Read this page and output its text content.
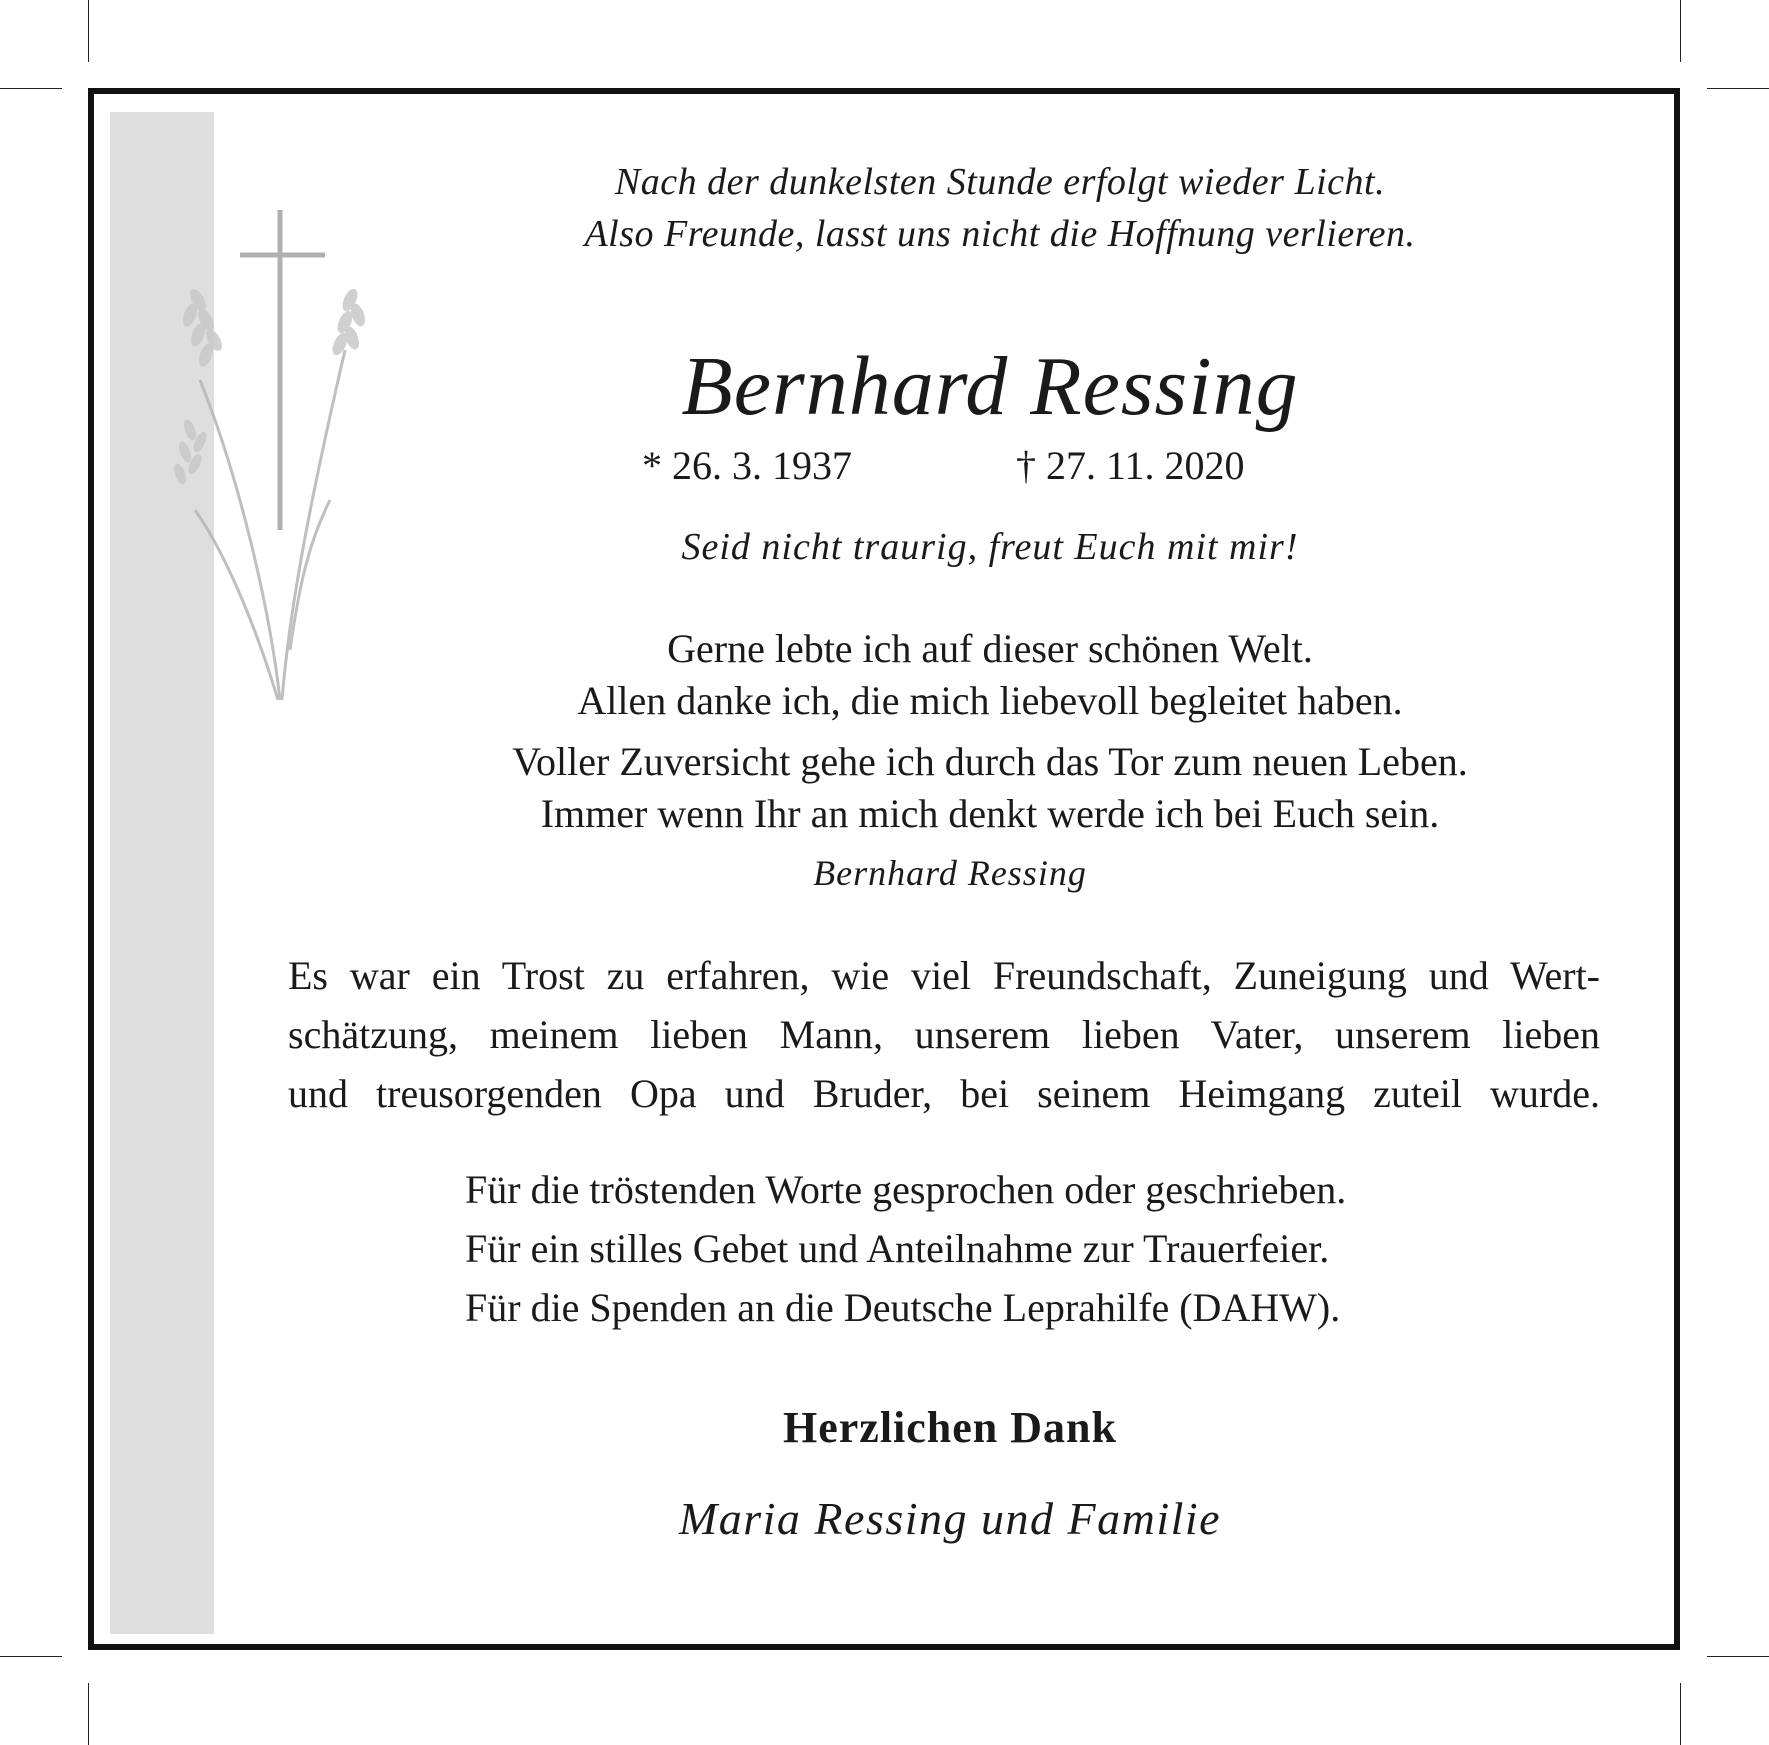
Nach der dunkelsten Stunde erfolgt wieder Licht.
Also Freunde, lasst uns nicht die Hoffnung verlieren.
Bernhard Ressing
* 26. 3. 1937	† 27. 11. 2020
Seid nicht traurig, freut Euch mit mir!
Gerne lebte ich auf dieser schönen Welt.
Allen danke ich, die mich liebevoll begleitet haben.
Voller Zuversicht gehe ich durch das Tor zum neuen Leben.
Immer wenn Ihr an mich denkt werde ich bei Euch sein.
Bernhard Ressing
Es war ein Trost zu erfahren, wie viel Freundschaft, Zuneigung und Wert-
schätzung, meinem lieben Mann, unserem lieben Vater, unserem lieben
und treusorgenden Opa und Bruder, bei seinem Heimgang zuteil wurde.
Für die tröstenden Worte gesprochen oder geschrieben.
Für ein stilles Gebet und Anteilnahme zur Trauerfeier.
Für die Spenden an die Deutsche Leprahilfe (DAHW).
Herzlichen Dank
Maria Ressing und Familie
